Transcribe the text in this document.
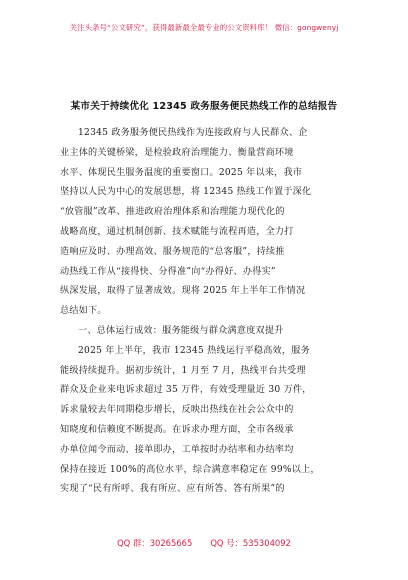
关注头条号“公文研究”，获得最新最全最专业的公文资料库！ 微信：gongwenyj
某市关于持续优化 12345 政务服务便民热线工作的总结报告
12345 政务服务便民热线作为连接政府与人民群众、企
业主体的关键桥梁，是检验政府治理能力、衡量营商环境
水平、体现民生服务温度的重要窗口。2025 年以来，我市
坚持以人民为中心的发展思想，将 12345 热线工作置于深化
“放管服”改革、推进政府治理体系和治理能力现代化的
战略高度，通过机制创新、技术赋能与流程再造，全力打
造响应及时、办理高效、服务规范的“总客服”，持续推
动热线工作从“接得快、分得准”向“办得好、办得实”
纵深发展，取得了显著成效。现将 2025 年上半年工作情况
总结如下。
一、总体运行成效：服务能级与群众满意度双提升
2025 年上半年，我市 12345 热线运行平稳高效，服务
能级持续提升。据初步统计，1 月至 7 月，热线平台共受理
群众及企业来电诉求超过 35 万件，有效受理量近 30 万件，
诉求量较去年同期稳步增长，反映出热线在社会公众中的
知晓度和信赖度不断提高。在诉求办理方面，全市各级承
办单位闻令而动、接单即办，工单按时办结率和办结率均
保持在接近 100%的高位水平，综合满意率稳定在 99%以上，
实现了“民有所呼、我有所应、应有所答、答有所果”的
QQ 群：30265665 QQ 号：535304092
